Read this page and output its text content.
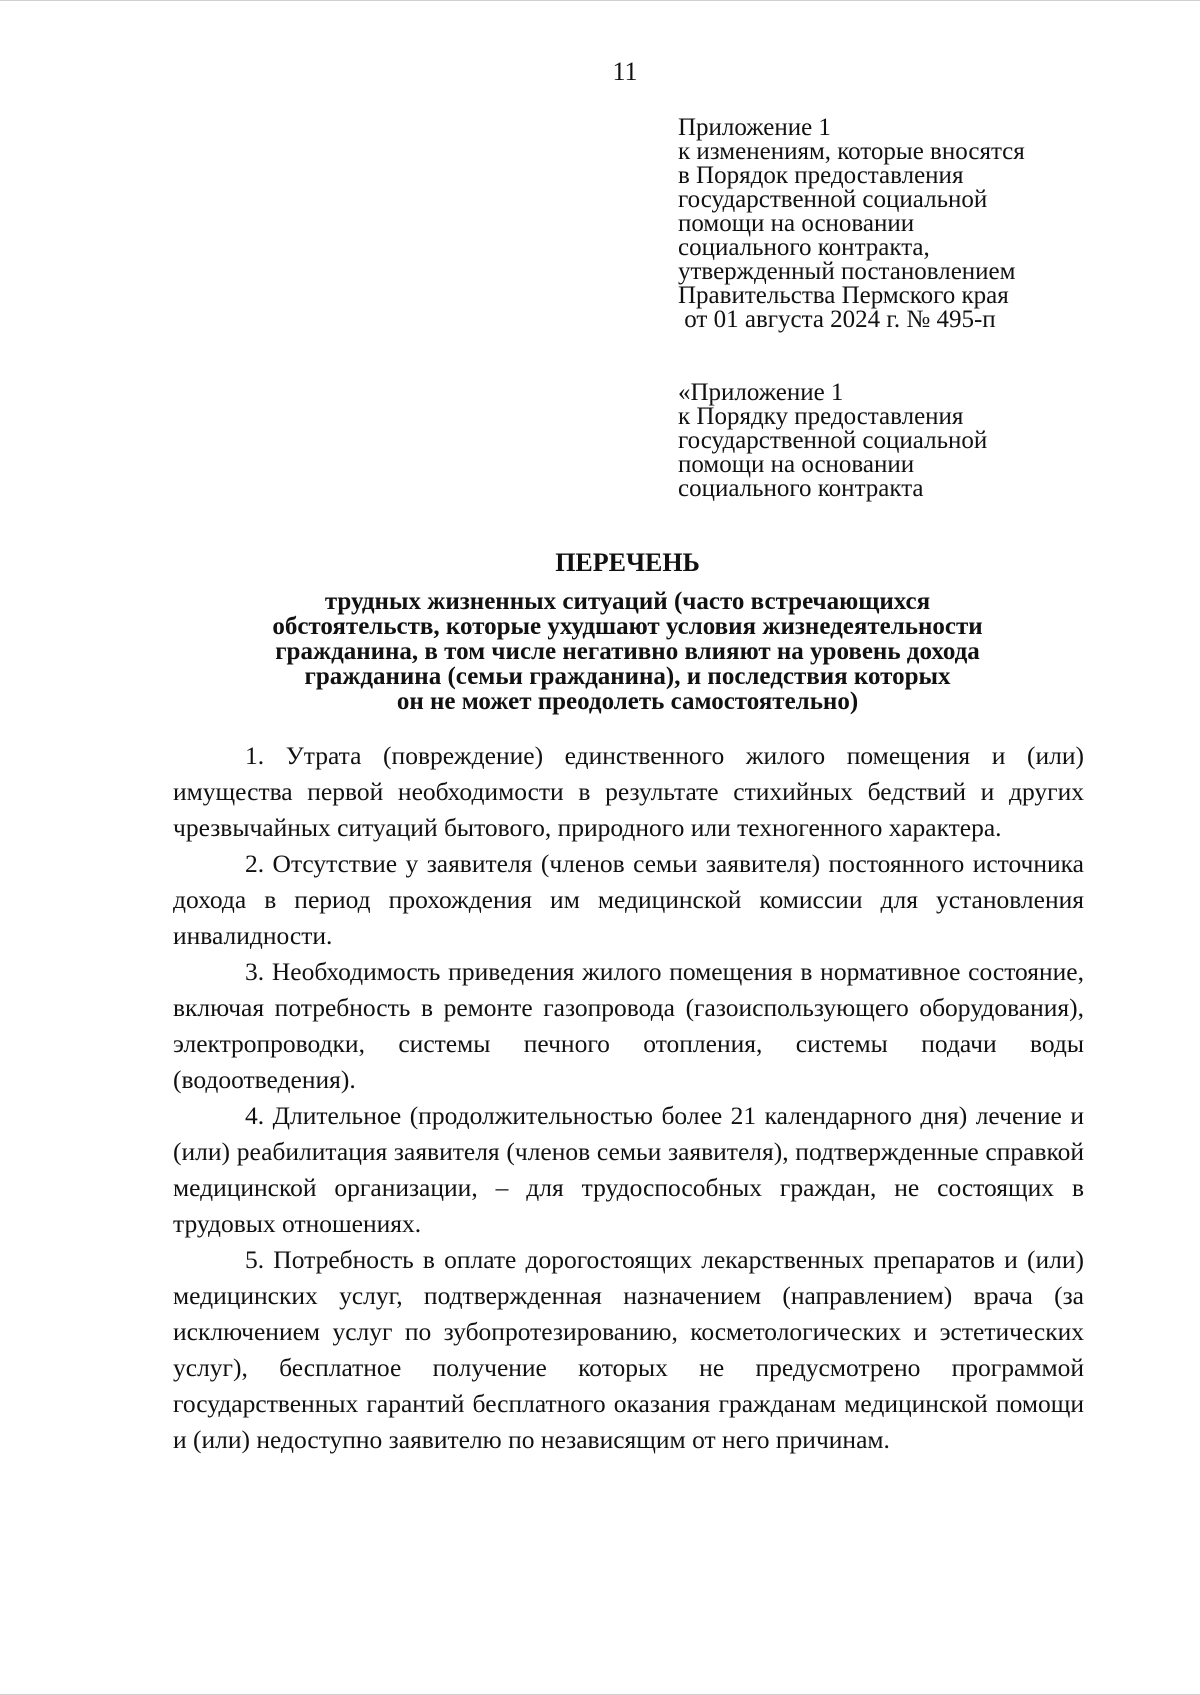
11
Приложение 1
к изменениям, которые вносятся
в Порядок предоставления
государственной социальной
помощи на основании
социального контракта,
утвержденный постановлением
Правительства Пермского края
от 01 августа 2024 г. № 495-п
«Приложение 1
к Порядку предоставления
государственной социальной
помощи на основании
социального контракта
ПЕРЕЧЕНЬ
трудных жизненных ситуаций (часто встречающихся
обстоятельств, которые ухудшают условия жизнедеятельности
гражданина, в том числе негативно влияют на уровень дохода
гражданина (семьи гражданина), и последствия которых
он не может преодолеть самостоятельно)

1. Утрата (повреждение) единственного жилого помещения и (или) имущества первой необходимости в результате стихийных бедствий и других чрезвычайных ситуаций бытового, природного или техногенного характера.

2. Отсутствие у заявителя (членов семьи заявителя) постоянного источника дохода в период прохождения им медицинской комиссии для установления инвалидности.

3. Необходимость приведения жилого помещения в нормативное состояние, включая потребность в ремонте газопровода (газоиспользующего оборудования), электропроводки, системы печного отопления, системы подачи воды (водоотведения).

4. Длительное (продолжительностью более 21 календарного дня) лечение и (или) реабилитация заявителя (членов семьи заявителя), подтвержденные справкой медицинской организации, – для трудоспособных граждан, не состоящих в трудовых отношениях.

5. Потребность в оплате дорогостоящих лекарственных препаратов и (или) медицинских услуг, подтвержденная назначением (направлением) врача (за исключением услуг по зубопротезированию, косметологических и эстетических услуг), бесплатное получение которых не предусмотрено программой государственных гарантий бесплатного оказания гражданам медицинской помощи и (или) недоступно заявителю по независящим от него причинам.
